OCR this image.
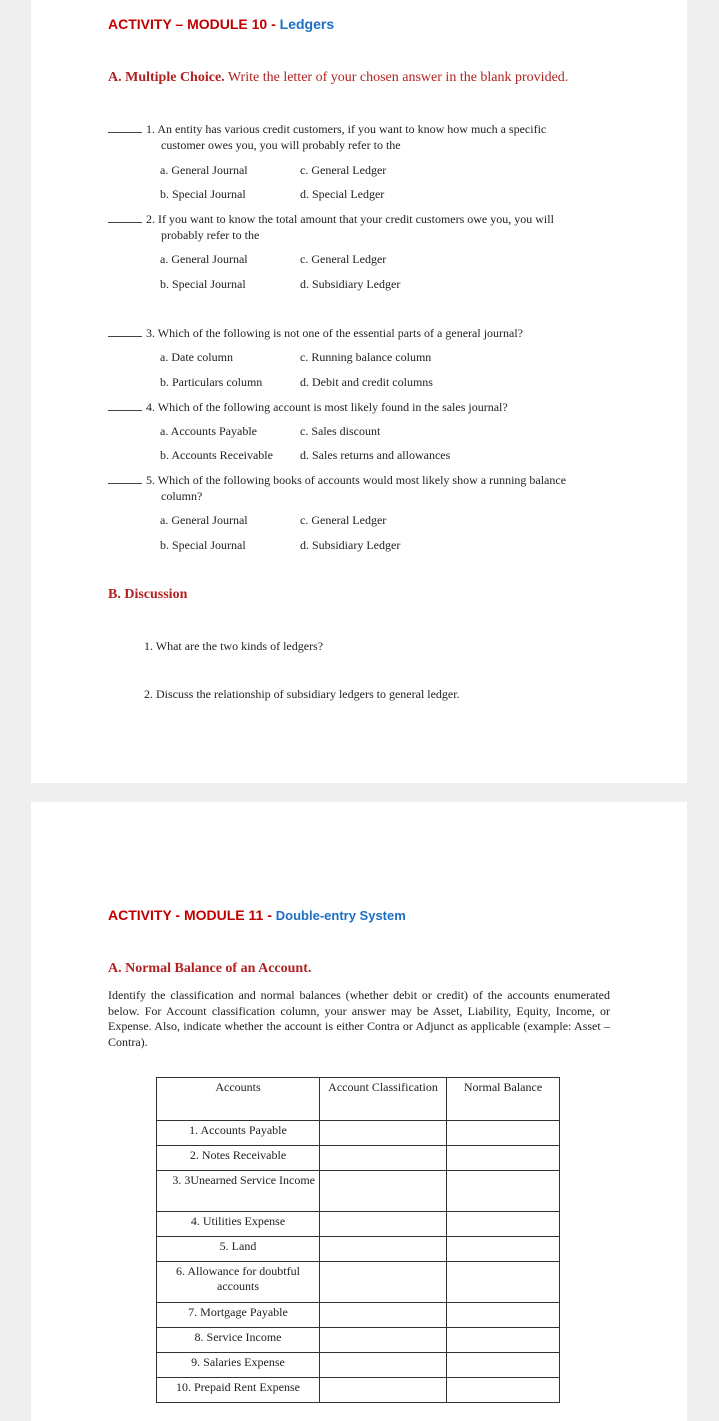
ACTIVITY – MODULE 10 - Ledgers
A. Multiple Choice. Write the letter of your chosen answer in the blank provided.
1. An entity has various credit customers, if you want to know how much a specific
customer owes you, you will probably refer to the
a. General Journal	c. General Ledger
b. Special Journal	d. Special Ledger
2. If you want to know the total amount that your credit customers owe you, you will
probably refer to the
a. General Journal	c. General Ledger
b. Special Journal	d. Subsidiary Ledger
3. Which of the following is not one of the essential parts of a general journal?
a. Date column	c. Running balance column
b. Particulars column	d. Debit and credit columns
4. Which of the following account is most likely found in the sales journal?
a. Accounts Payable	c. Sales discount
b. Accounts Receivable d. Sales returns and allowances
5. Which of the following books of accounts would most likely show a running balance
column?
a. General Journal	c. General Ledger
b. Special Journal	d. Subsidiary Ledger
B. Discussion
1. What are the two kinds of ledgers?
2. Discuss the relationship of subsidiary ledgers to general ledger.
ACTIVITY - MODULE 11 - Double-entry System
A. Normal Balance of an Account.
Identify the classification and normal balances (whether debit or credit) of the accounts enumerated below. For Account classification column, your answer may be Asset, Liability, Equity, Income, or Expense. Also, indicate whether the account is either Contra or Adjunct as applicable (example: Asset – Contra).
Accounts	Account Classification	Normal Balance
1. Accounts Payable		
2. Notes Receivable		
3. 3Unearned Service Income		
4. Utilities Expense		
5. Land		
6. Allowance for doubtful accounts		
7. Mortgage Payable		
8. Service Income		
9. Salaries Expense		
10. Prepaid Rent Expense		
